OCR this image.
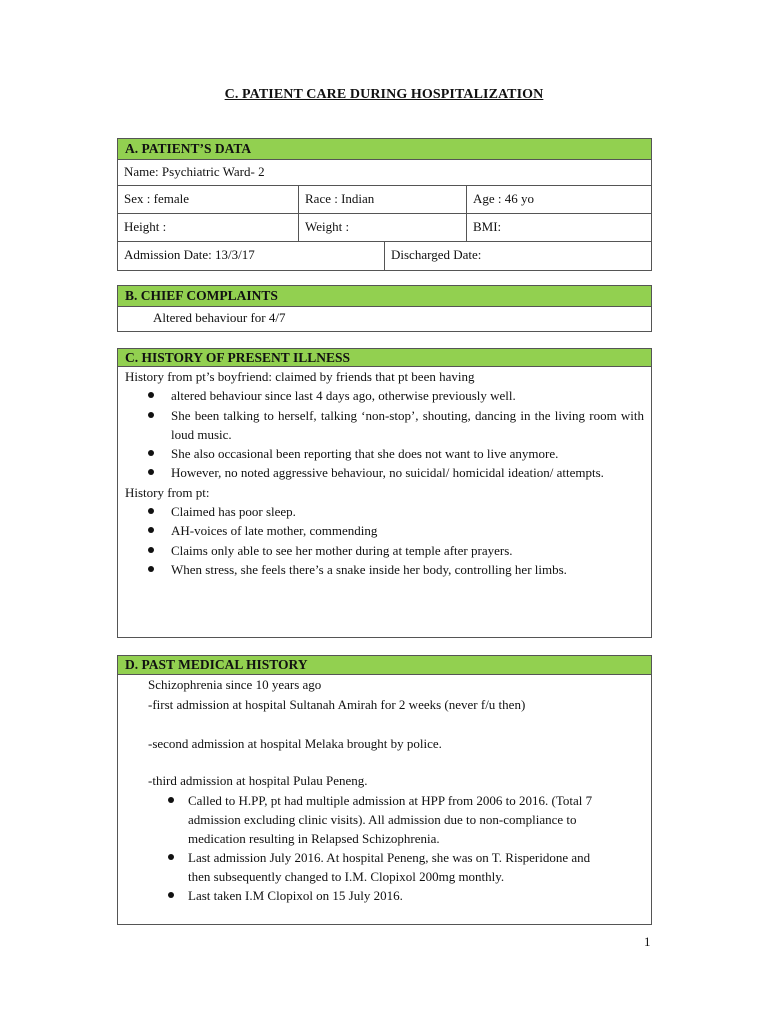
C. PATIENT CARE DURING HOSPITALIZATION
A. PATIENT’S DATA
Name: Psychiatric Ward- 2
Sex : female	Race : Indian	Age : 46 yo
Height :	Weight :	BMI:
Admission Date: 13/3/17	Discharged Date:
B. CHIEF COMPLAINTS
Altered behaviour for 4/7
C. HISTORY OF PRESENT ILLNESS
History from pt’s boyfriend: claimed by friends that pt been having
altered behaviour since last 4 days ago, otherwise previously well.
She been talking to herself, talking ‘non-stop’, shouting, dancing in the living room with loud music.
She also occasional been reporting that she does not want to live anymore.
However, no noted aggressive behaviour, no suicidal/ homicidal ideation/ attempts.
History from pt:
Claimed has poor sleep.
AH-voices of late mother, commending
Claims only able to see her mother during at temple after prayers.
When stress, she feels there’s a snake inside her body, controlling her limbs.
D. PAST MEDICAL HISTORY
Schizophrenia since 10 years ago
-first admission at hospital Sultanah Amirah for 2 weeks (never f/u then)
-second admission at hospital Melaka brought by police.
-third admission at hospital Pulau Peneng.
Called to H.PP, pt had multiple admission at HPP from 2006 to 2016. (Total 7 admission excluding clinic visits). All admission due to non-compliance to medication resulting in Relapsed Schizophrenia.
Last admission July 2016. At hospital Peneng, she was on T. Risperidone and then subsequently changed to I.M. Clopixol 200mg monthly.
Last taken I.M Clopixol on 15 July 2016.
1
